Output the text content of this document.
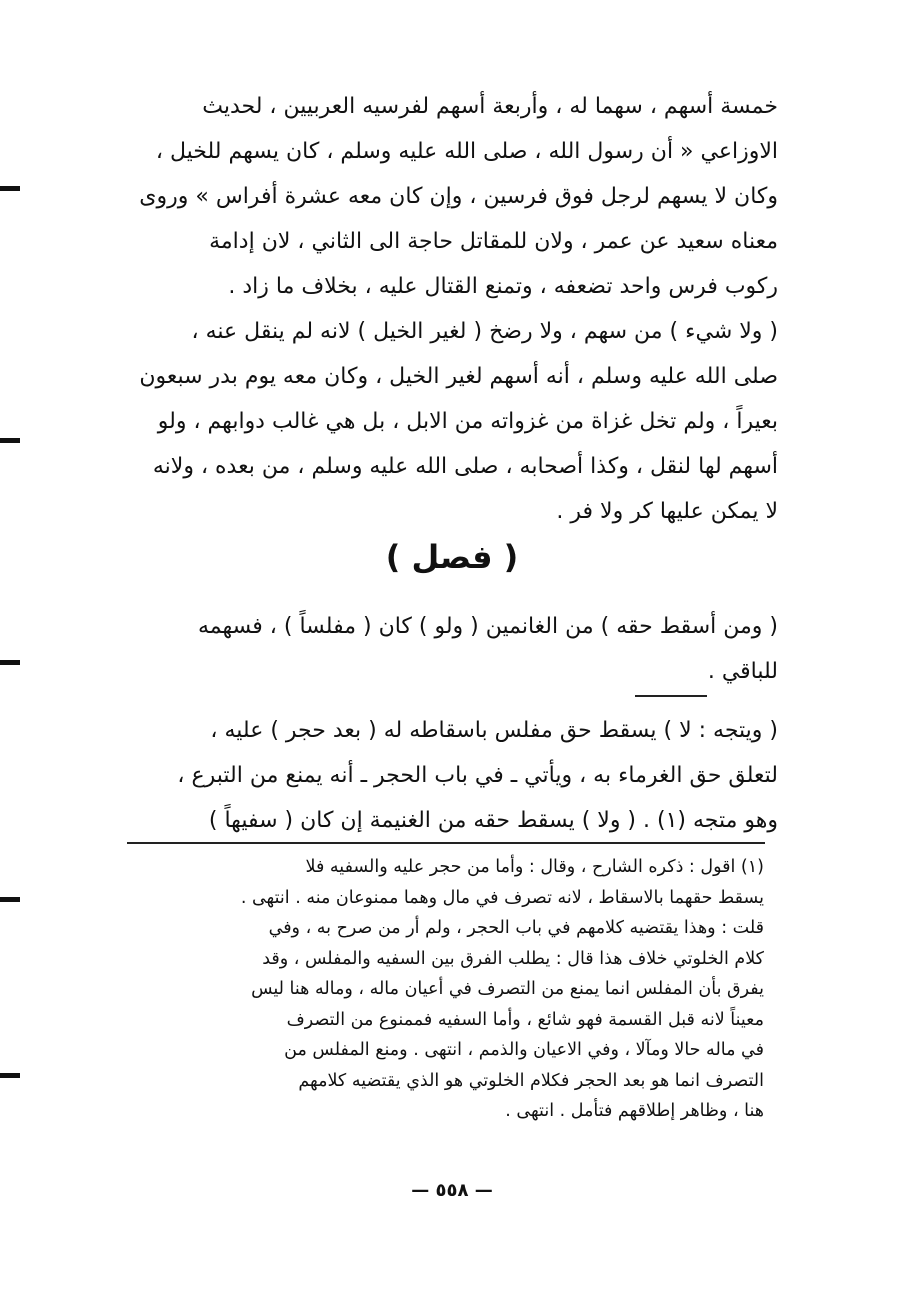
خمسة أسهم ، سهما له ، وأربعة أسهم لفرسيه العربيين ، لحديث
الاوزاعي « أن رسول الله ، صلى الله عليه وسلم ، كان يسهم للخيل ،
وكان لا يسهم لرجل فوق فرسين ، وإن كان معه عشرة أفراس » وروى
معناه سعيد عن عمر ، ولان للمقاتل حاجة الى الثاني ، لان إدامة
ركوب فرس واحد تضعفه ، وتمنع القتال عليه ، بخلاف ما زاد .
( ولا شيء ) من سهم ، ولا رضخ ( لغير الخيل ) لانه لم ينقل عنه ،
صلى الله عليه وسلم ، أنه أسهم لغير الخيل ، وكان معه يوم بدر سبعون
بعيراً ، ولم تخل غزاة من غزواته من الابل ، بل هي غالب دوابهم ، ولو
أسهم لها لنقل ، وكذا أصحابه ، صلى الله عليه وسلم ، من بعده ، ولانه
لا يمكن عليها كر ولا فر .
( فصل )
( ومن أسقط حقه ) من الغانمين ( ولو ) كان ( مفلساً ) ، فسهمه
للباقي .
( ويتجه : لا ) يسقط حق مفلس باسقاطه له ( بعد حجر ) عليه ،
لتعلق حق الغرماء به ، ويأتي ـ في باب الحجر ـ أنه يمنع من التبرع ،
وهو متجه (١) . ( ولا ) يسقط حقه من الغنيمة إن كان ( سفيهاً )
(١) اقول : ذكره الشارح ، وقال : وأما من حجر عليه والسفيه فلا
يسقط حقهما بالاسقاط ، لانه تصرف في مال وهما ممنوعان منه . انتهى .
قلت : وهذا يقتضيه كلامهم في باب الحجر ، ولم أر من صرح به ، وفي
كلام الخلوتي خلاف هذا قال : يطلب الفرق بين السفيه والمفلس ، وقد
يفرق بأن المفلس انما يمنع من التصرف في أعيان ماله ، وماله هنا ليس
معيناً لانه قبل القسمة فهو شائع ، وأما السفيه فممنوع من التصرف
في ماله حالا ومآلا ، وفي الاعيان والذمم ، انتهى . ومنع المفلس من
التصرف انما هو بعد الحجر فكلام الخلوتي هو الذي يقتضيه كلامهم
هنا ، وظاهر إطلاقهم فتأمل . انتهى .
— ٥٥٨ —
